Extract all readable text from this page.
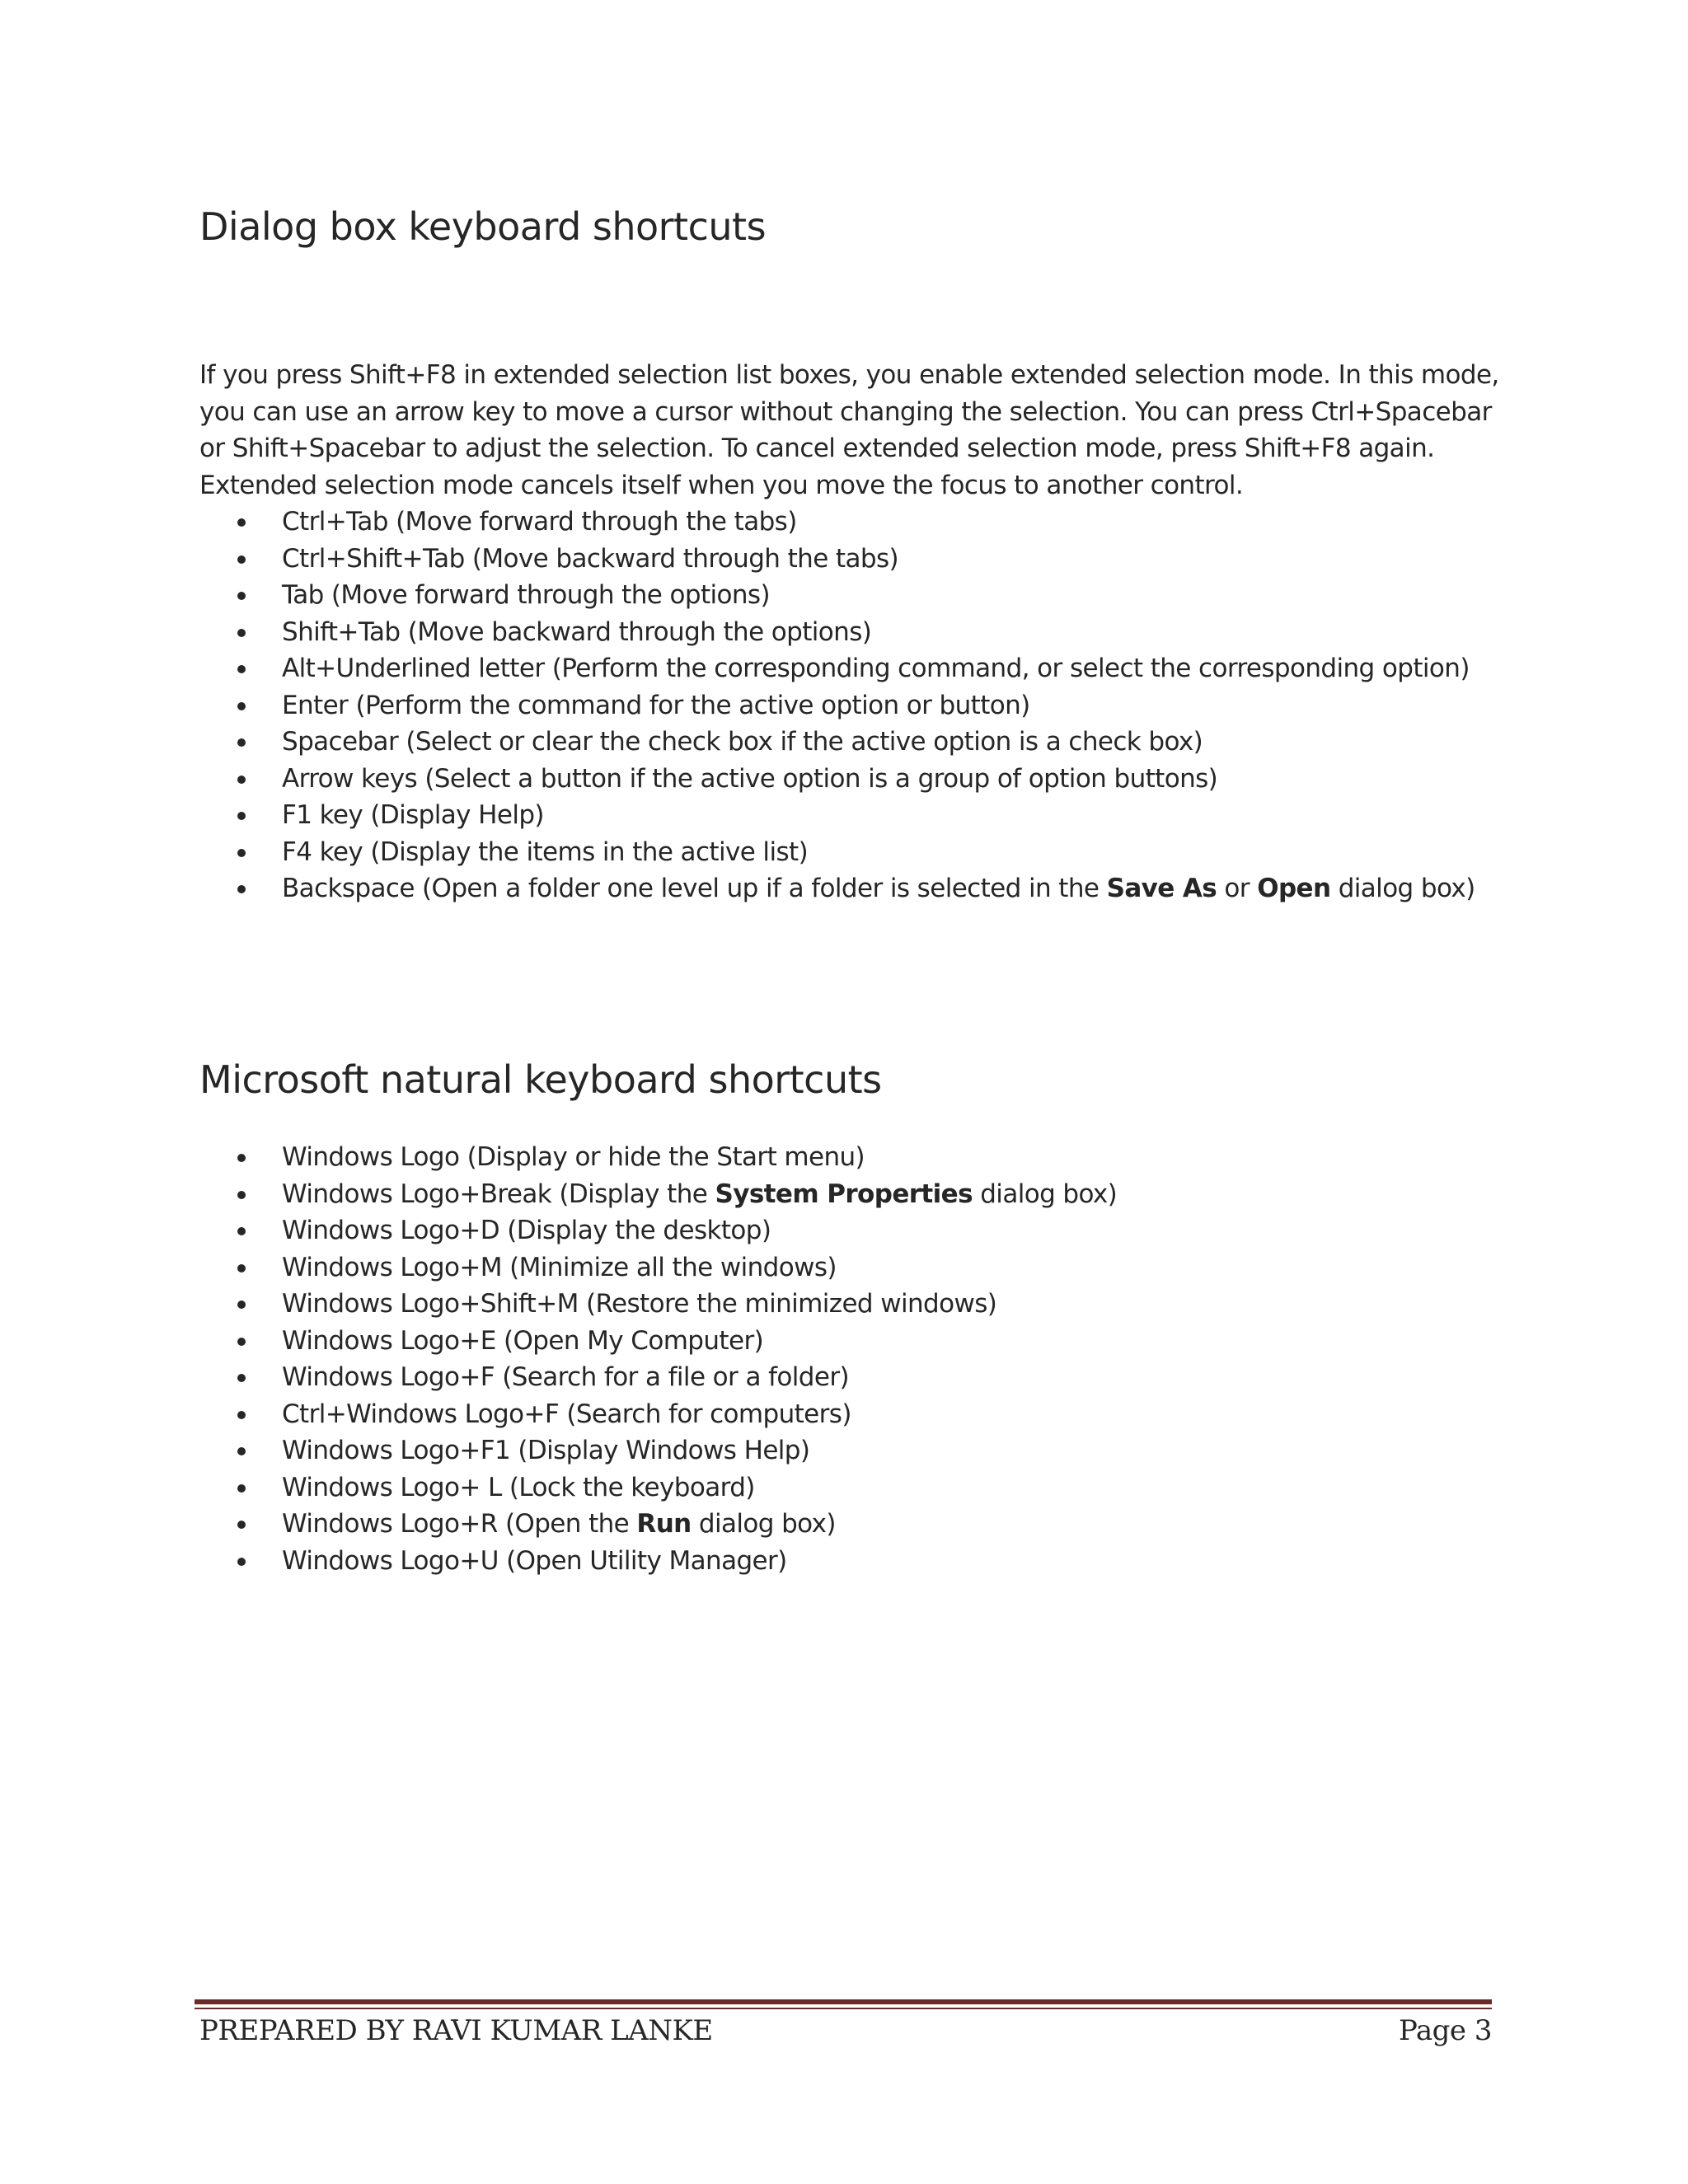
Dialog box keyboard shortcuts

If you press Shift+F8 in extended selection list boxes, you enable extended selection mode. In this mode,
you can use an arrow key to move a cursor without changing the selection. You can press Ctrl+Spacebar
or Shift+Spacebar to adjust the selection. To cancel extended selection mode, press Shift+F8 again.
Extended selection mode cancels itself when you move the focus to another control.

Ctrl+Tab (Move forward through the tabs)
Ctrl+Shift+Tab (Move backward through the tabs)
Tab (Move forward through the options)
Shift+Tab (Move backward through the options)
Alt+Underlined letter (Perform the corresponding command, or select the corresponding option)
Enter (Perform the command for the active option or button)
Spacebar (Select or clear the check box if the active option is a check box)
Arrow keys (Select a button if the active option is a group of option buttons)
F1 key (Display Help)
F4 key (Display the items in the active list)
Backspace (Open a folder one level up if a folder is selected in the Save As or Open dialog box)
Microsoft natural keyboard shortcuts
Windows Logo (Display or hide the Start menu)
Windows Logo+Break (Display the System Properties dialog box)
Windows Logo+D (Display the desktop)
Windows Logo+M (Minimize all the windows)
Windows Logo+Shift+M (Restore the minimized windows)
Windows Logo+E (Open My Computer)
Windows Logo+F (Search for a file or a folder)
Ctrl+Windows Logo+F (Search for computers)
Windows Logo+F1 (Display Windows Help)
Windows Logo+ L (Lock the keyboard)
Windows Logo+R (Open the Run dialog box)
Windows Logo+U (Open Utility Manager)
PREPARED BY RAVI KUMAR LANKE	Page 3
